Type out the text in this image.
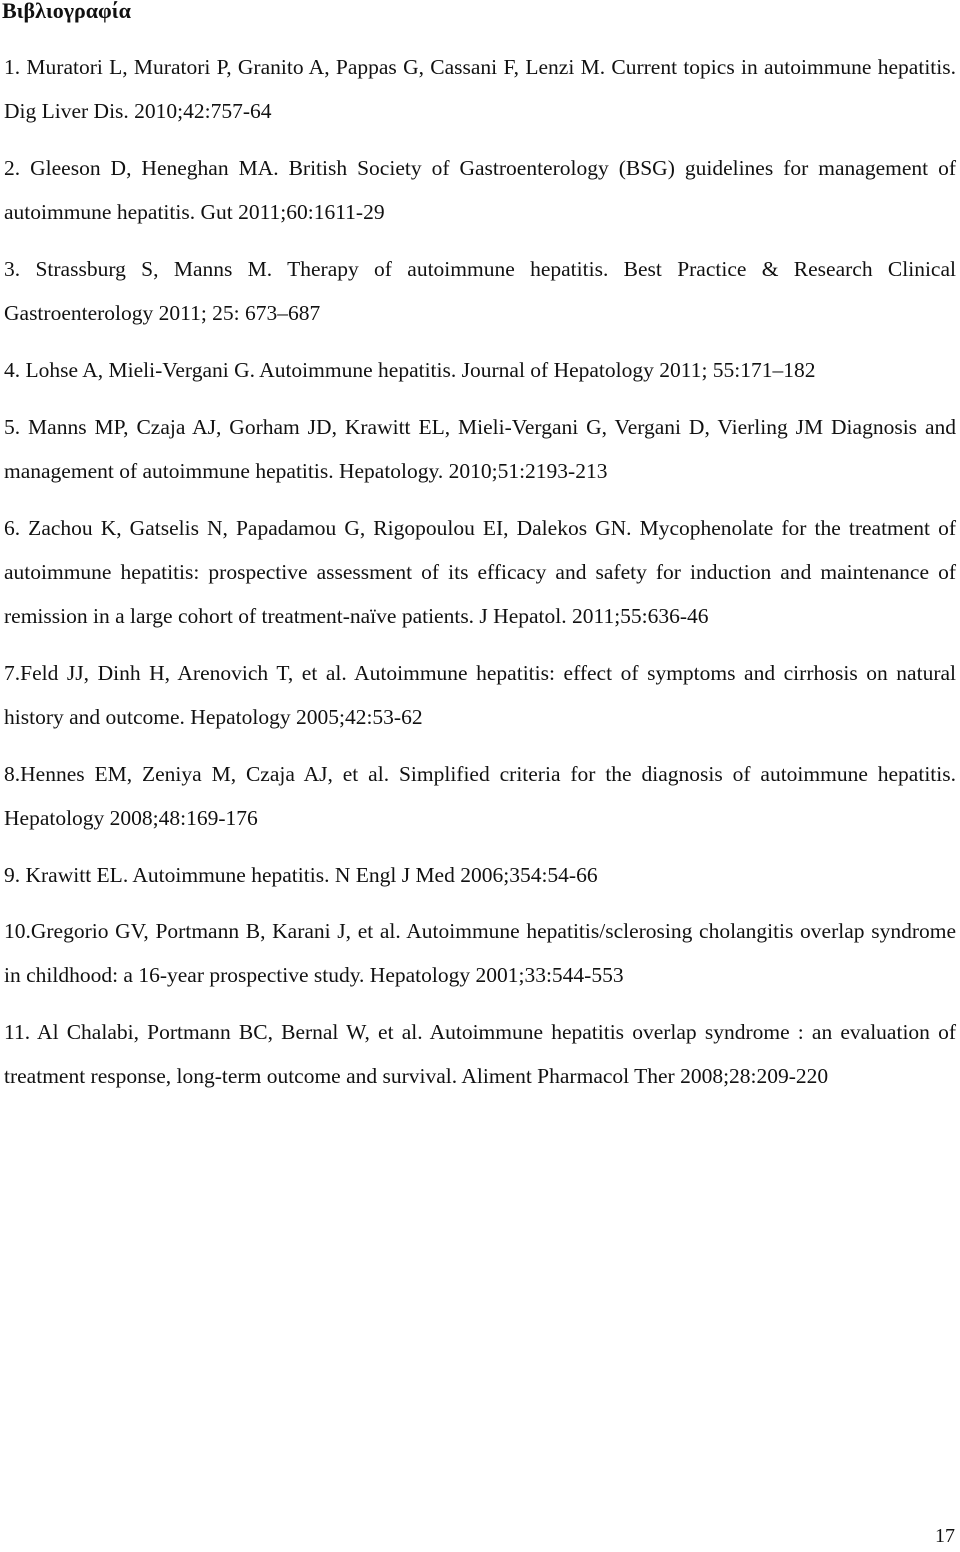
Βιβλιογραφία
1. Muratori L, Muratori P, Granito A, Pappas G, Cassani F, Lenzi M. Current topics in autoimmune hepatitis. Dig Liver Dis. 2010;42:757-64
2. Gleeson D, Heneghan MA. British Society of Gastroenterology (BSG) guidelines for management of autoimmune hepatitis. Gut 2011;60:1611-29
3. Strassburg S, Manns M. Therapy of autoimmune hepatitis. Best Practice & Research Clinical Gastroenterology 2011; 25: 673–687
4. Lohse A, Mieli-Vergani G. Autoimmune hepatitis. Journal of Hepatology 2011; 55:171–182
5. Manns MP, Czaja AJ, Gorham JD, Krawitt EL, Mieli-Vergani G, Vergani D, Vierling JM Diagnosis and management of autoimmune hepatitis. Hepatology. 2010;51:2193-213
6. Zachou K, Gatselis N, Papadamou G, Rigopoulou EI, Dalekos GN. Mycophenolate for the treatment of autoimmune hepatitis: prospective assessment of its efficacy and safety for induction and maintenance of remission in a large cohort of treatment-naïve patients. J Hepatol. 2011;55:636-46
7.Feld JJ, Dinh H, Arenovich T, et al. Autoimmune hepatitis: effect of symptoms and cirrhosis on natural history and outcome. Hepatology 2005;42:53-62
8.Hennes EM, Zeniya M, Czaja AJ, et al. Simplified criteria for the diagnosis of autoimmune hepatitis. Hepatology 2008;48:169-176
9. Krawitt EL. Autoimmune hepatitis. N Engl J Med 2006;354:54-66
10.Gregorio GV, Portmann B, Karani J, et al. Autoimmune hepatitis/sclerosing cholangitis overlap syndrome in childhood: a 16-year prospective study. Hepatology 2001;33:544-553
11. Al Chalabi, Portmann BC, Bernal W, et al. Autoimmune hepatitis overlap syndrome : an evaluation of treatment response, long-term outcome and survival. Aliment Pharmacol Ther 2008;28:209-220
17
